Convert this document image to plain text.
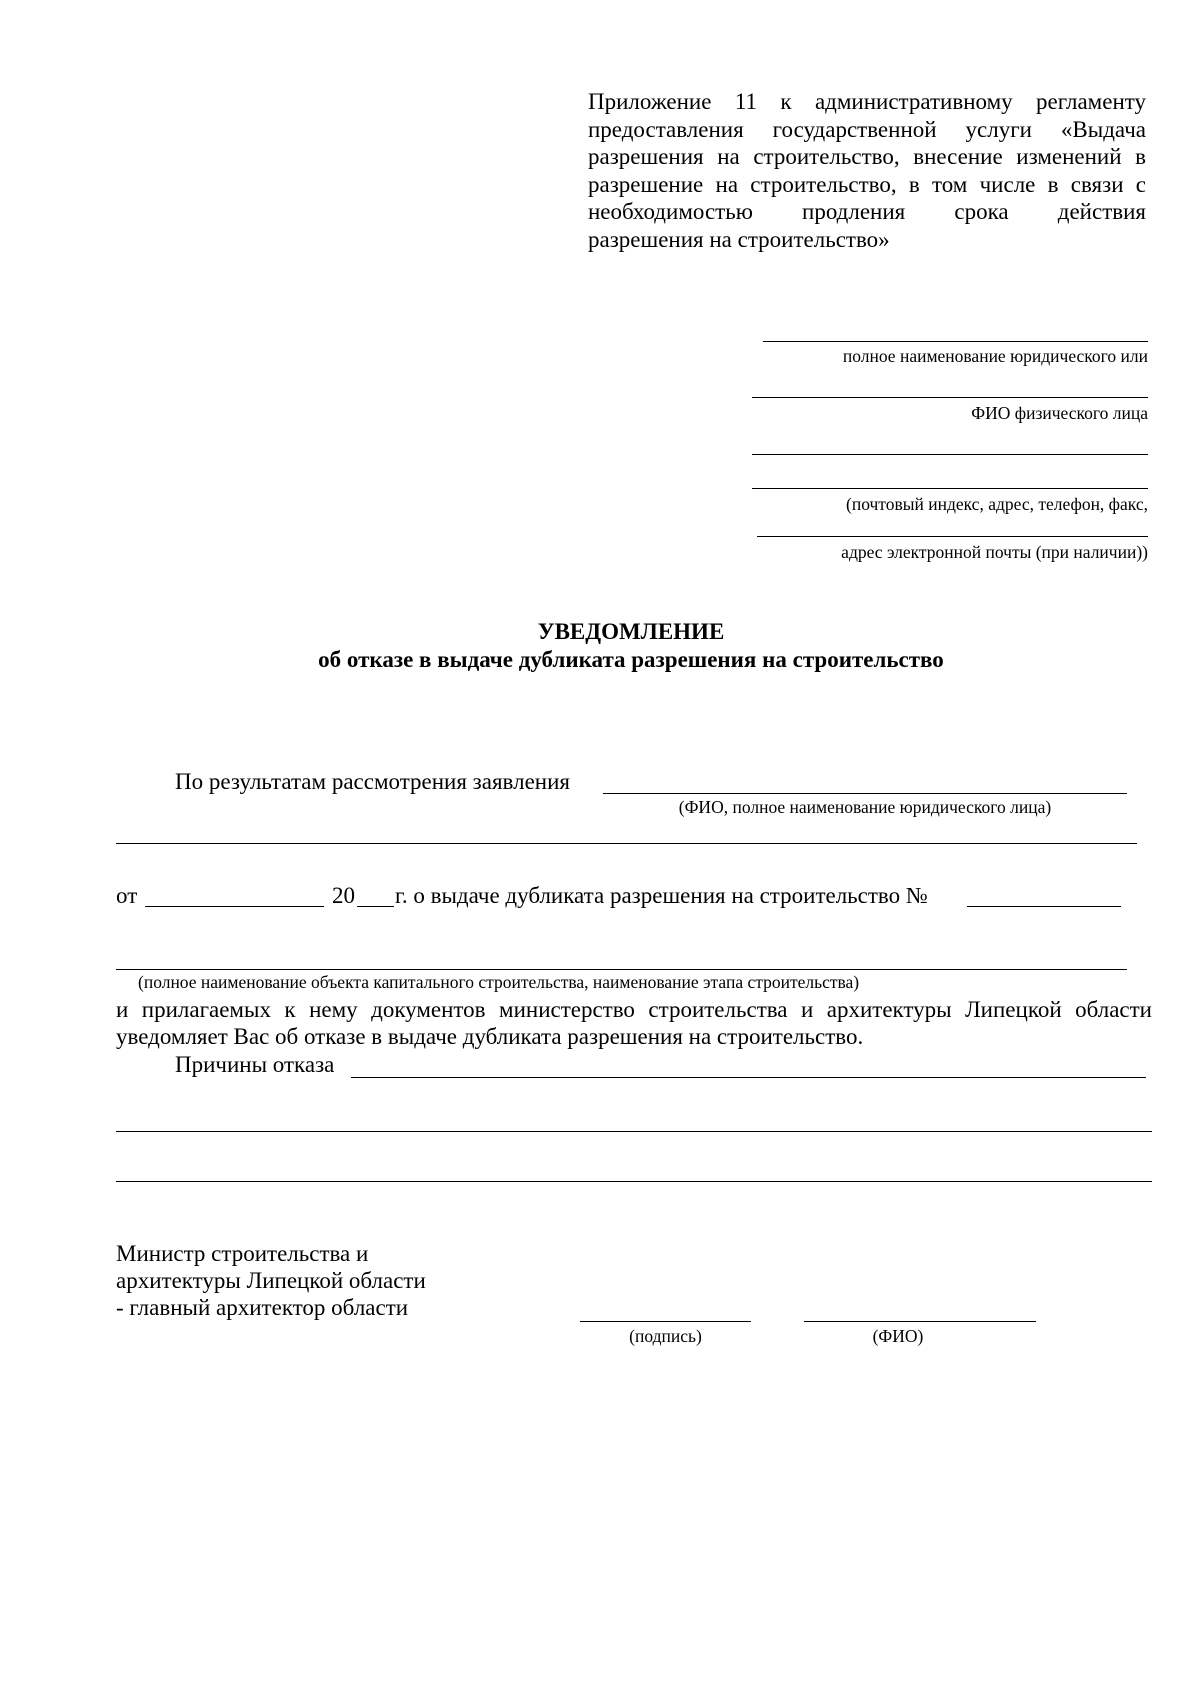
Приложение 11 к административному регламенту
предоставления государственной услуги «Выдача
разрешения на строительство, внесение изменений в
разрешение на строительство, в том числе в связи с
необходимостью продления срока действия
разрешения на строительство»
полное наименование юридического или
ФИО физического лица
(почтовый индекс, адрес, телефон, факс,
адрес электронной почты (при наличии))
УВЕДОМЛЕНИЕ
об отказе в выдаче дубликата разрешения на строительство
По результатам рассмотрения заявления
(ФИО, полное наименование юридического лица)
от	20 г. о выдаче дубликата разрешения на строительство №
(полное наименование объекта капитального строительства, наименование этапа строительства)
и прилагаемых к нему документов министерство строительства и архитектуры Липецкой области
уведомляет Вас об отказе в выдаче дубликата разрешения на строительство.
Причины отказа
Министр строительства и
архитектуры Липецкой области
- главный архитектор области
(подпись)	(ФИО)
